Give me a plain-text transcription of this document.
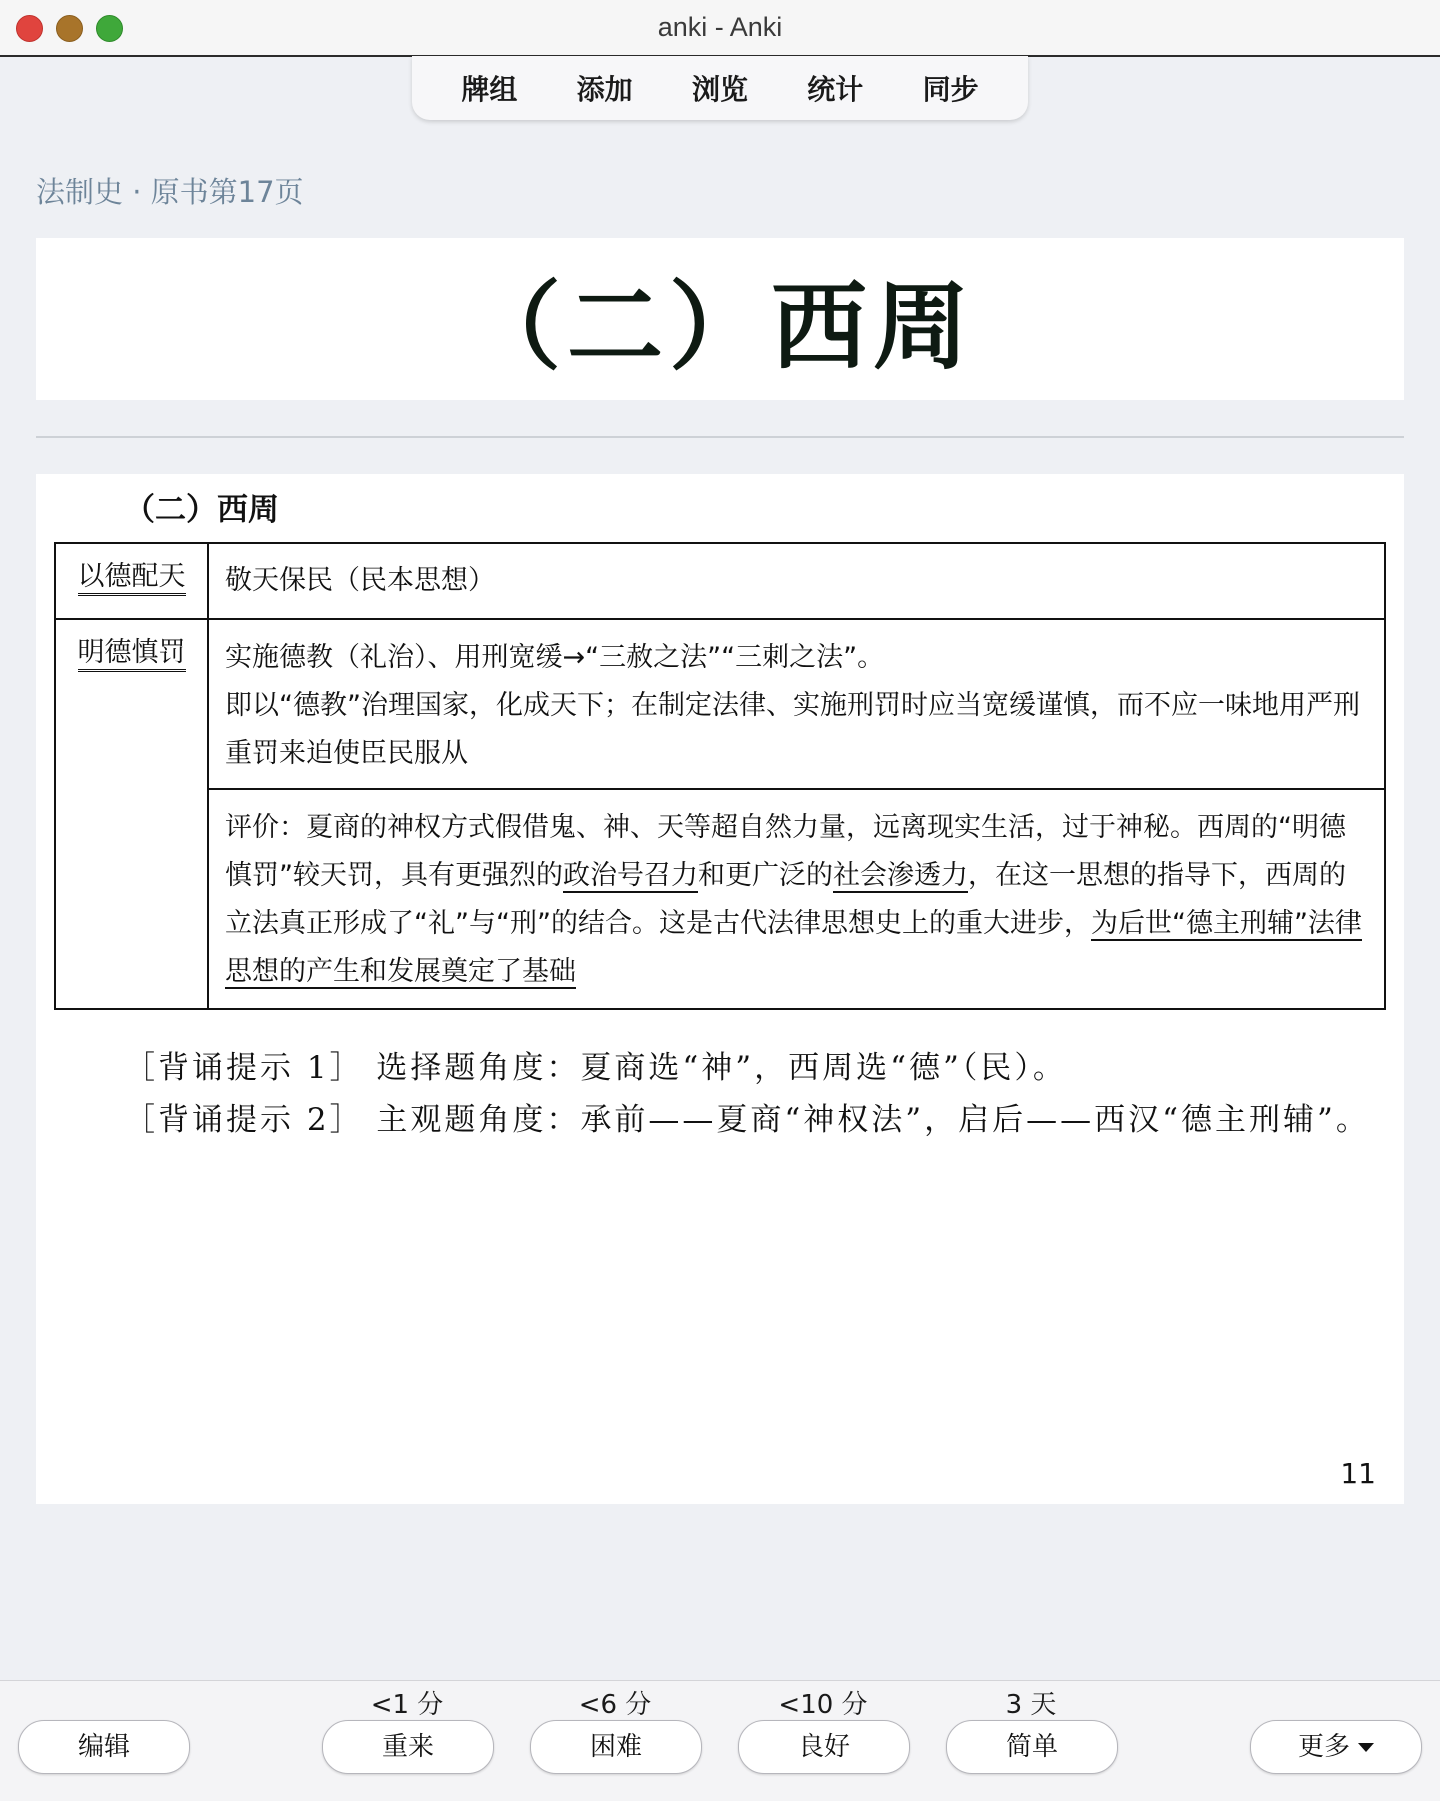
anki - Anki
牌组	添加	浏览	统计	同步
法制史 · 原书第17页
（二）西周
（二）西周
以德配天	敬天保民（民本思想）
明德慎罚	实施德教（礼治）、用刑宽缓→“三赦之法”“三刺之法”。

即以“德教”治理国家，化成天下；在制定法律、实施刑罚时应当宽缓谨慎，而不应一味地用严刑重罚来迫使臣民服从

	评价：夏商的神权方式假借鬼、神、天等超自然力量，远离现实生活，过于神秘。西周的“明德慎罚”较天罚，具有更强烈的政治号召力和更广泛的社会渗透力，在这一思想的指导下，西周的立法真正形成了“礼”与“刑”的结合。这是古代法律思想史上的重大进步，为后世“德主刑辅”法律思想的产生和发展奠定了基础
［背诵提示 1］ 选择题角度：夏商选“神”，西周选“德”（民）。
［背诵提示 2］ 主观题角度：承前——夏商“神权法”，启后——西汉“德主刑辅”。
11
<1 分	<6 分	<10 分	3 天
编辑	重来	困难	良好	简单	更多
